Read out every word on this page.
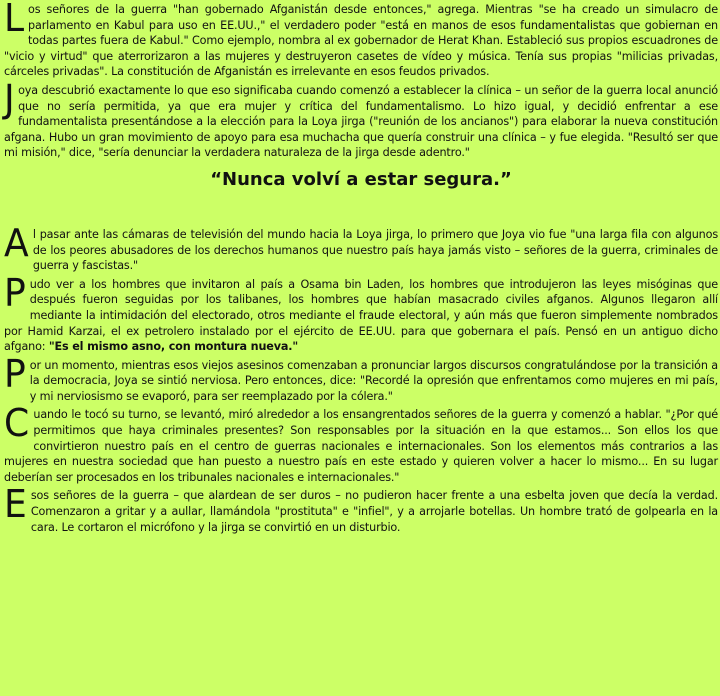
Los señores de la guerra "han gobernado Afganistán desde entonces," agrega. Mientras "se ha creado un simulacro de parlamento en Kabul para uso en EE.UU.," el verdadero poder "está en manos de esos fundamentalistas que gobiernan en todas partes fuera de Kabul." Como ejemplo, nombra al ex gobernador de Herat Khan. Estableció sus propios escuadrones de "vicio y virtud" que aterrorizaron a las mujeres y destruyeron casetes de vídeo y música. Tenía sus propias "milicias privadas, cárceles privadas". La constitución de Afganistán es irrelevante en esos feudos privados.

Joya descubrió exactamente lo que eso significaba cuando comenzó a establecer la clínica – un señor de la guerra local anunció que no sería permitida, ya que era mujer y crítica del fundamentalismo. Lo hizo igual, y decidió enfrentar a ese fundamentalista presentándose a la elección para la Loya jirga ("reunión de los ancianos") para elaborar la nueva constitución afgana. Hubo un gran movimiento de apoyo para esa muchacha que quería construir una clínica – y fue elegida. "Resultó ser que mi misión," dice, "sería denunciar la verdadera naturaleza de la jirga desde adentro."

“Nunca volví a estar segura.”

Al pasar ante las cámaras de televisión del mundo hacia la Loya jirga, lo primero que Joya vio fue "una larga fila con algunos de los peores abusadores de los derechos humanos que nuestro país haya jamás visto – señores de la guerra, criminales de guerra y fascistas."

Pudo ver a los hombres que invitaron al país a Osama bin Laden, los hombres que introdujeron las leyes misóginas que después fueron seguidas por los talibanes, los hombres que habían masacrado civiles afganos. Algunos llegaron allí mediante la intimidación del electorado, otros mediante el fraude electoral, y aún más que fueron simplemente nombrados por Hamid Karzai, el ex petrolero instalado por el ejército de EE.UU. para que gobernara el país. Pensó en un antiguo dicho afgano: "Es el mismo asno, con montura nueva."

Por un momento, mientras esos viejos asesinos comenzaban a pronunciar largos discursos congratulándose por la transición a la democracia, Joya se sintió nerviosa. Pero entonces, dice: "Recordé la opresión que enfrentamos como mujeres en mi país, y mi nerviosismo se evaporó, para ser reemplazado por la cólera."

Cuando le tocó su turno, se levantó, miró alrededor a los ensangrentados señores de la guerra y comenzó a hablar. "¿Por qué permitimos que haya criminales presentes? Son responsables por la situación en la que estamos... Son ellos los que convirtieron nuestro país en el centro de guerras nacionales e internacionales. Son los elementos más contrarios a las mujeres en nuestra sociedad que han puesto a nuestro país en este estado y quieren volver a hacer lo mismo... En su lugar deberían ser procesados en los tribunales nacionales e internacionales."

Esos señores de la guerra – que alardean de ser duros – no pudieron hacer frente a una esbelta joven que decía la verdad. Comenzaron a gritar y a aullar, llamándola "prostituta" e "infiel", y a arrojarle botellas. Un hombre trató de golpearla en la cara. Le cortaron el micrófono y la jirga se convirtió en un disturbio.
